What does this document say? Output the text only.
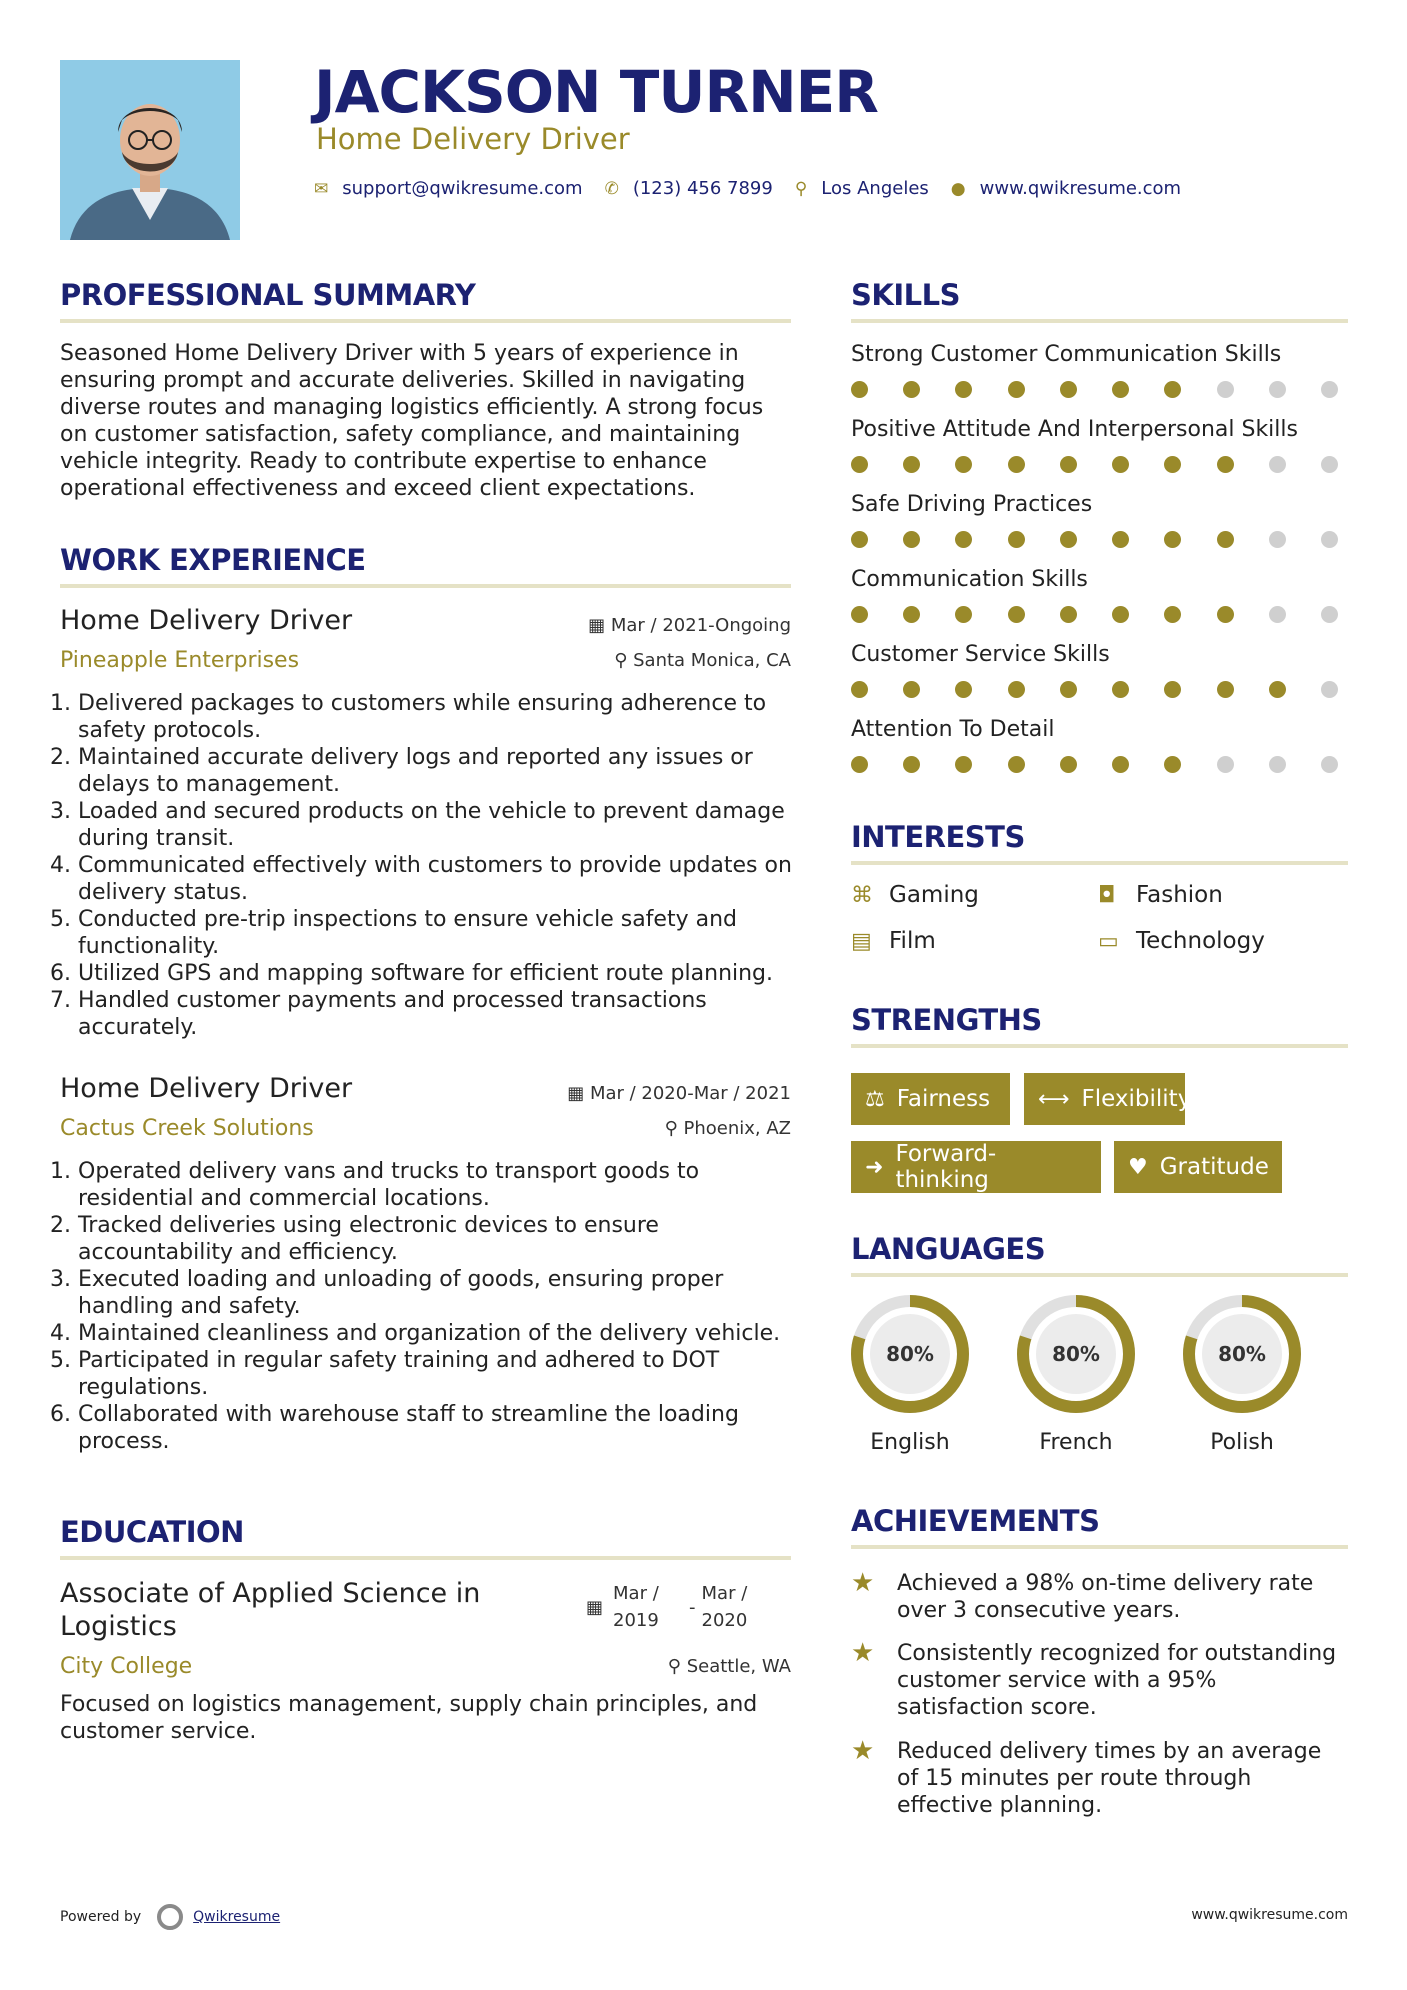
JACKSON TURNER
Home Delivery Driver
✉ support@qwikresume.com ✆ (123) 456 7899 ⚲ Los Angeles ● www.qwikresume.com
PROFESSIONAL SUMMARY
Seasoned Home Delivery Driver with 5 years of experience in ensuring prompt and accurate deliveries. Skilled in navigating diverse routes and managing logistics efficiently. A strong focus on customer satisfaction, safety compliance, and maintaining vehicle integrity. Ready to contribute expertise to enhance operational effectiveness and exceed client expectations.
WORK EXPERIENCE
Home Delivery Driver	▦ Mar / 2021-Ongoing
Pineapple Enterprises	⚲ Santa Monica, CA
1. Delivered packages to customers while ensuring adherence to safety protocols.
2. Maintained accurate delivery logs and reported any issues or delays to management.
3. Loaded and secured products on the vehicle to prevent damage during transit.
4. Communicated effectively with customers to provide updates on delivery status.
5. Conducted pre-trip inspections to ensure vehicle safety and functionality.
6. Utilized GPS and mapping software for efficient route planning.
7. Handled customer payments and processed transactions accurately.
Home Delivery Driver	▦ Mar / 2020-Mar / 2021
Cactus Creek Solutions	⚲ Phoenix, AZ
1. Operated delivery vans and trucks to transport goods to residential and commercial locations.
2. Tracked deliveries using electronic devices to ensure accountability and efficiency.
3. Executed loading and unloading of goods, ensuring proper handling and safety.
4. Maintained cleanliness and organization of the delivery vehicle.
5. Participated in regular safety training and adhered to DOT regulations.
6. Collaborated with warehouse staff to streamline the loading process.
EDUCATION
Associate of Applied Science in Logistics
▦
Mar / 2019
-
Mar / 2020
City College	⚲ Seattle, WA
Focused on logistics management, supply chain principles, and customer service.
SKILLS
Strong Customer Communication Skills
Positive Attitude And Interpersonal Skills
Safe Driving Practices
Communication Skills
Customer Service Skills
Attention To Detail
INTERESTS
⌘ Gaming	◘ Fashion
▤ Film	▭ Technology
STRENGTHS
⚖ Fairness ⟷ Flexibility
➜ Forward-thinking	♥ Gratitude
LANGUAGES
80%
English
80%
French
80%
Polish
ACHIEVEMENTS
★	Achieved a 98% on-time delivery rate over 3 consecutive years.
★	Consistently recognized for outstanding customer service with a 95% satisfaction score.
★	Reduced delivery times by an average of 15 minutes per route through effective planning.
Powered by	Qwikresume	www.qwikresume.com
